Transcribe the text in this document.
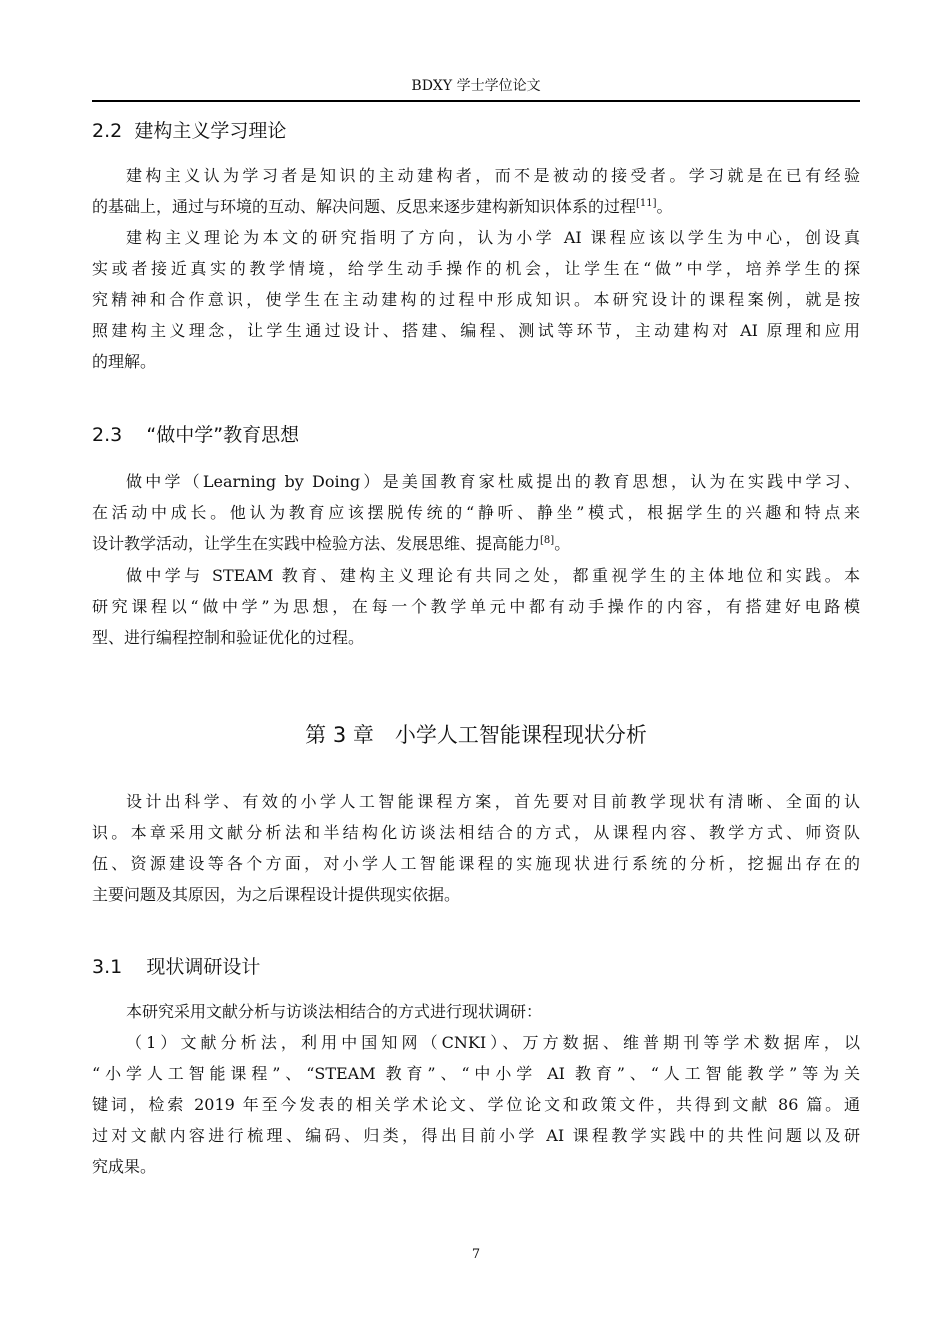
BDXY 学士学位论文
2.2 建构主义学习理论
建构主义认为学习者是知识的主动建构者，而不是被动的接受者。学习就是在已有经验
的基础上，通过与环境的互动、解决问题、反思来逐步建构新知识体系的过程[11]。
建构主义理论为本文的研究指明了方向，认为小学 AI 课程应该以学生为中心，创设真
实或者接近真实的教学情境，给学生动手操作的机会，让学生在“做”中学，培养学生的探
究精神和合作意识，使学生在主动建构的过程中形成知识。本研究设计的课程案例，就是按
照建构主义理念，让学生通过设计、搭建、编程、测试等环节，主动建构对 AI 原理和应用
的理解。
2.3 “做中学”教育思想
做中学（Learning by Doing）是美国教育家杜威提出的教育思想，认为在实践中学习、
在活动中成长。他认为教育应该摆脱传统的“静听、静坐”模式，根据学生的兴趣和特点来
设计教学活动，让学生在实践中检验方法、发展思维、提高能力[8]。
做中学与 STEAM 教育、建构主义理论有共同之处，都重视学生的主体地位和实践。本
研究课程以“做中学”为思想，在每一个教学单元中都有动手操作的内容，有搭建好电路模
型、进行编程控制和验证优化的过程。
第 3 章　小学人工智能课程现状分析
设计出科学、有效的小学人工智能课程方案，首先要对目前教学现状有清晰、全面的认
识。本章采用文献分析法和半结构化访谈法相结合的方式，从课程内容、教学方式、师资队
伍、资源建设等各个方面，对小学人工智能课程的实施现状进行系统的分析，挖掘出存在的
主要问题及其原因，为之后课程设计提供现实依据。
3.1 现状调研设计
本研究采用文献分析与访谈法相结合的方式进行现状调研：
（1）文献分析法，利用中国知网（CNKI）、万方数据、维普期刊等学术数据库，以
“小学人工智能课程”、“STEAM 教育”、“中小学 AI 教育”、“人工智能教学”等为关
键词，检索 2019 年至今发表的相关学术论文、学位论文和政策文件，共得到文献 86 篇。通
过对文献内容进行梳理、编码、归类，得出目前小学 AI 课程教学实践中的共性问题以及研
究成果。
7
